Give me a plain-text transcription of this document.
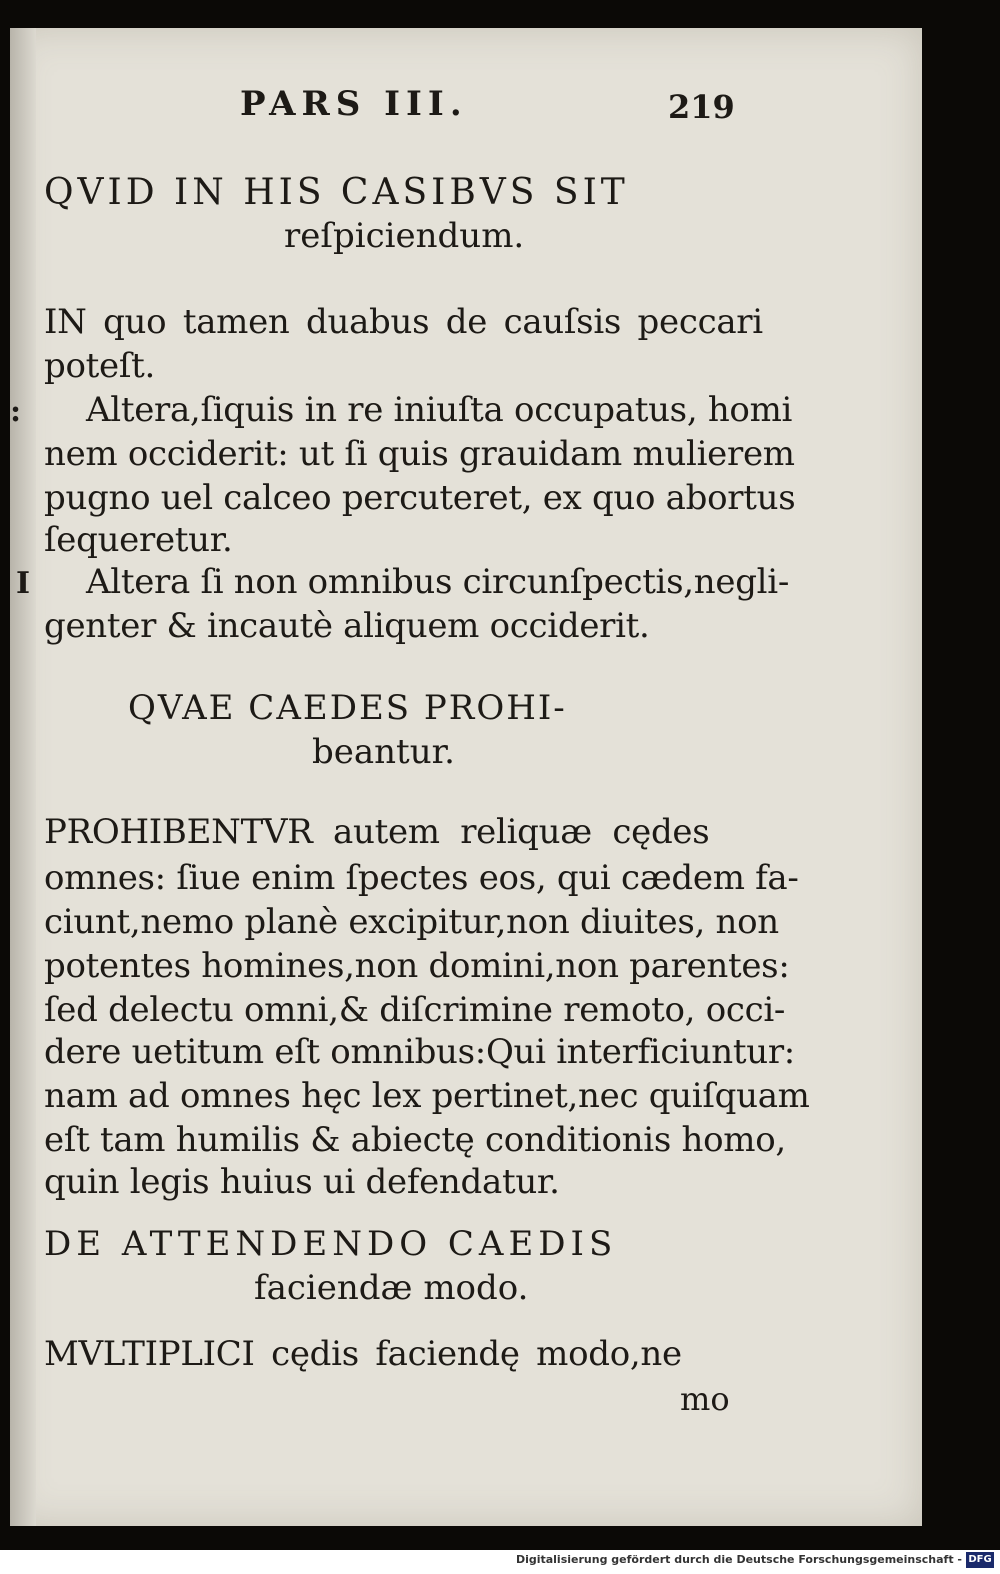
PARS III.	219
QVID IN HIS CASIBVS SIT
reſpiciendum.
IN quo tamen duabus de cauſsis peccari
poteſt.
: Altera,ſiquis in re iniuſta occupatus, homi
nem occiderit: ut ſi quis grauidam mulierem
pugno uel calceo percuteret, ex quo abortus
ſequeretur.
I Altera ſi non omnibus circunſpectis,negli-
genter & incautè aliquem occiderit.
QVAE CAEDES PROHI-
beantur.
PROHIBENTVR autem reliquæ cędes
omnes: ſiue enim ſpectes eos, qui cædem fa-
ciunt,nemo planè excipitur,non diuites, non
potentes homines,non domini,non parentes:
ſed delectu omni,& diſcrimine remoto, occi-
dere uetitum eſt omnibus:Qui interficiuntur:
nam ad omnes hęc lex pertinet,nec quiſquam
eſt tam humilis & abiectę conditionis homo,
quin legis huius ui defendatur.
DE ATTENDENDO CAEDIS
faciendæ modo.
MVLTIPLICI cędis faciendę modo,ne
mo
Digitalisierung gefördert durch die Deutsche Forschungsgemeinschaft - DFG
